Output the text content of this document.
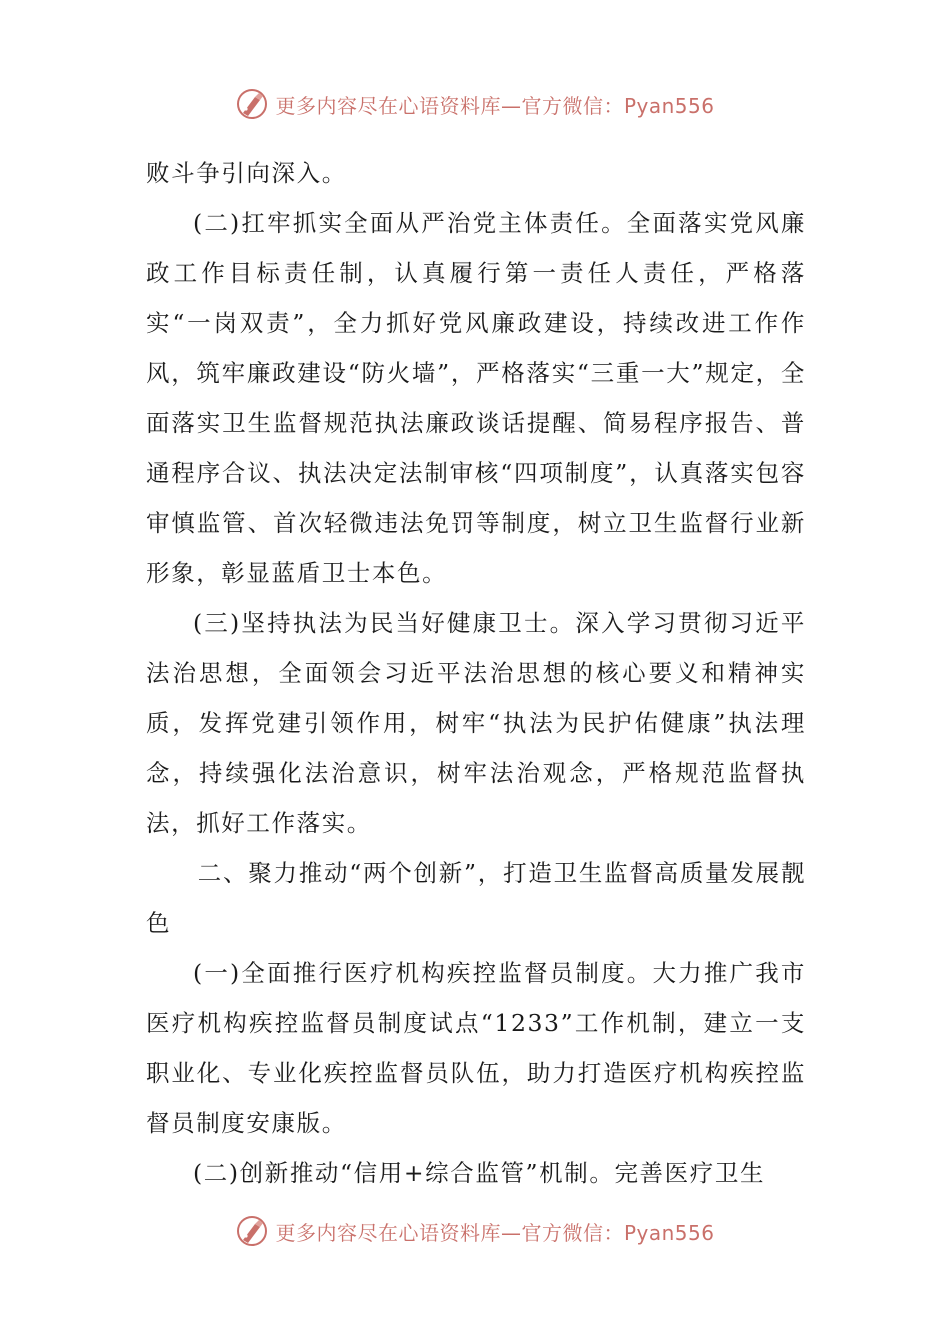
更多内容尽在心语资料库—官方微信：Pyan556

败斗争引向深入。

(二)扛牢抓实全面从严治党主体责任。全面落实党风廉政工作目标责任制，认真履行第一责任人责任，严格落实“一岗双责”，全力抓好党风廉政建设，持续改进工作作风，筑牢廉政建设“防火墙”，严格落实“三重一大”规定，全面落实卫生监督规范执法廉政谈话提醒、简易程序报告、普通程序合议、执法决定法制审核“四项制度”，认真落实包容审慎监管、首次轻微违法免罚等制度，树立卫生监督行业新形象，彰显蓝盾卫士本色。

(三)坚持执法为民当好健康卫士。深入学习贯彻习近平法治思想，全面领会习近平法治思想的核心要义和精神实质，发挥党建引领作用，树牢“执法为民护佑健康”执法理念，持续强化法治意识，树牢法治观念，严格规范监督执法，抓好工作落实。

二、聚力推动“两个创新”，打造卫生监督高质量发展靓色

(一)全面推行医疗机构疾控监督员制度。大力推广我市医疗机构疾控监督员制度试点“1233”工作机制，建立一支职业化、专业化疾控监督员队伍，助力打造医疗机构疾控监督员制度安康版。

(二)创新推动“信用+综合监管”机制。完善医疗卫生

更多内容尽在心语资料库—官方微信：Pyan556
